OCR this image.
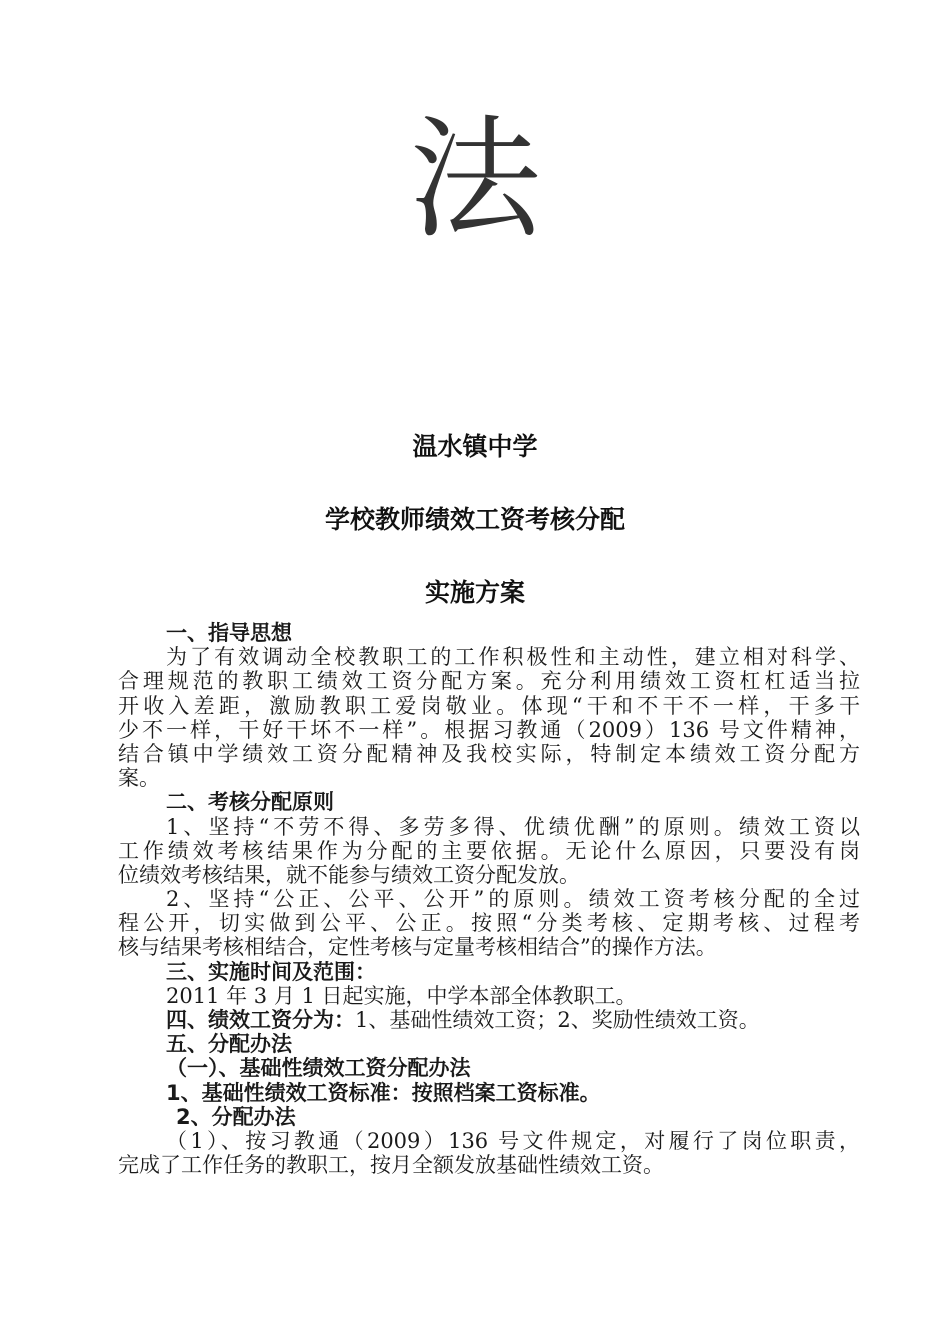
法
温水镇中学
学校教师绩效工资考核分配
实施方案
一、指导思想
为了有效调动全校教职工的工作积极性和主动性，建立相对科学、
合理规范的教职工绩效工资分配方案。充分利用绩效工资杠杠适当拉
开收入差距，激励教职工爱岗敬业。体现“干和不干不一样，干多干
少不一样，干好干坏不一样”。根据习教通（2009）136 号文件精神，
结合镇中学绩效工资分配精神及我校实际，特制定本绩效工资分配方
案。
二、考核分配原则
1、坚持“不劳不得、多劳多得、优绩优酬”的原则。绩效工资以
工作绩效考核结果作为分配的主要依据。无论什么原因，只要没有岗
位绩效考核结果，就不能参与绩效工资分配发放。
2、坚持“公正、公平、公开”的原则。绩效工资考核分配的全过
程公开，切实做到公平、公正。按照“分类考核、定期考核、过程考
核与结果考核相结合，定性考核与定量考核相结合”的操作方法。
三、实施时间及范围：
2011 年 3 月 1 日起实施，中学本部全体教职工。
四、绩效工资分为：1、基础性绩效工资；2、奖励性绩效工资。
五、分配办法
（一）、基础性绩效工资分配办法
1、基础性绩效工资标准：按照档案工资标准。
2、分配办法
（1）、按习教通（2009）136 号文件规定，对履行了岗位职责，
完成了工作任务的教职工，按月全额发放基础性绩效工资。
